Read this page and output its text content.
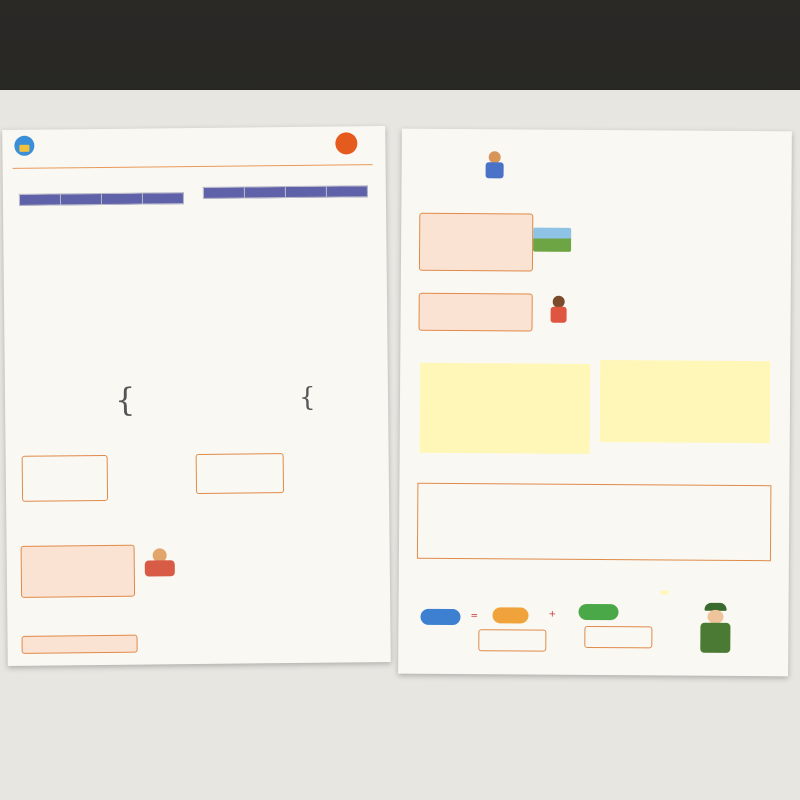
{	{
=	+
